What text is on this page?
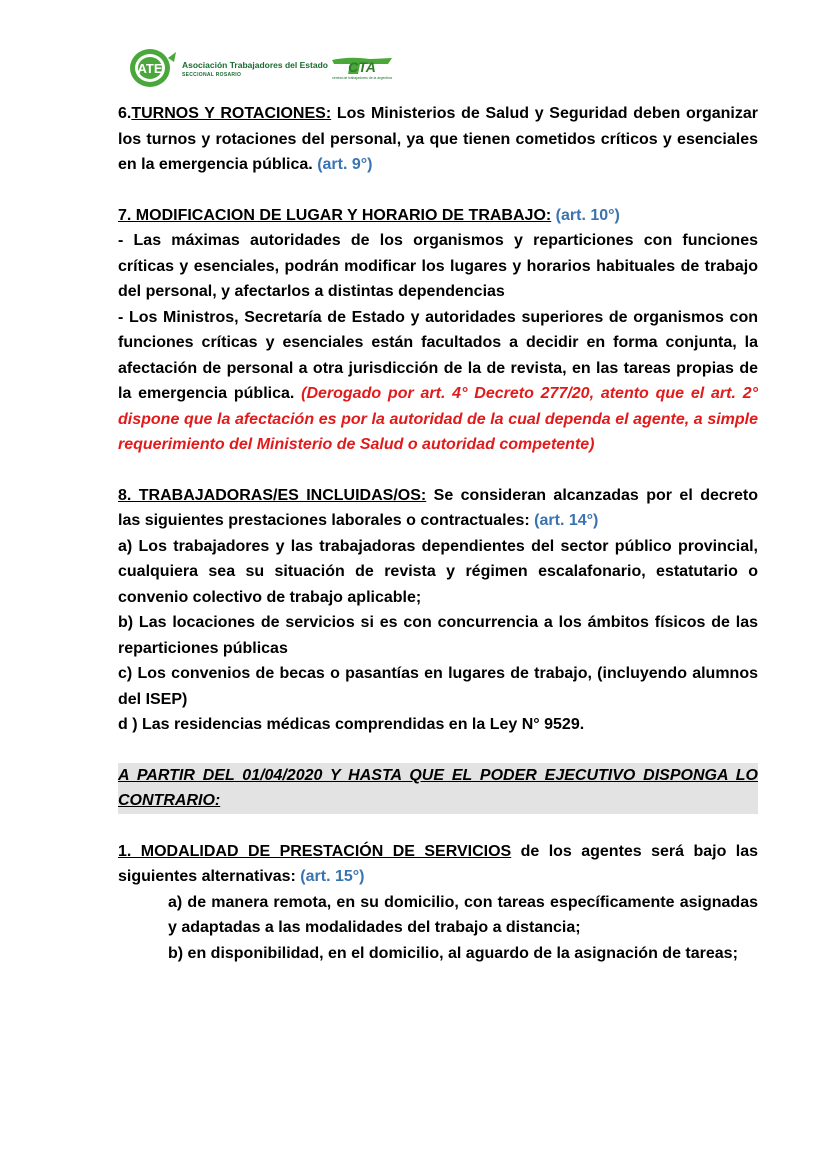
ATE Asociación Trabajadores del Estado
SECCIONAL ROSARIO	CTA
central de trabajadores de la argentina

6.TURNOS Y ROTACIONES: Los Ministerios de Salud y Seguridad deben organizar los turnos y rotaciones del personal, ya que tienen cometidos críticos y esenciales en la emergencia pública. (art. 9°)

7. MODIFICACION DE LUGAR Y HORARIO DE TRABAJO: (art. 10°)

- Las máximas autoridades de los organismos y reparticiones con funciones críticas y esenciales, podrán modificar los lugares y horarios habituales de trabajo del personal, y afectarlos a distintas dependencias

- Los Ministros, Secretaría de Estado y autoridades superiores de organismos con funciones críticas y esenciales están facultados a decidir en forma conjunta, la afectación de personal a otra jurisdicción de la de revista, en las tareas propias de la emergencia pública. (Derogado por art. 4° Decreto 277/20, atento que el art. 2° dispone que la afectación es por la autoridad de la cual dependa el agente, a simple requerimiento del Ministerio de Salud o autoridad competente)

8. TRABAJADORAS/ES INCLUIDAS/OS: Se consideran alcanzadas por el decreto las siguientes prestaciones laborales o contractuales: (art. 14°)

a) Los trabajadores y las trabajadoras dependientes del sector público provincial, cualquiera sea su situación de revista y régimen escalafonario, estatutario o convenio colectivo de trabajo aplicable;

b) Las locaciones de servicios si es con concurrencia a los ámbitos físicos de las reparticiones públicas

c) Los convenios de becas o pasantías en lugares de trabajo, (incluyendo alumnos del ISEP)

d ) Las residencias médicas comprendidas en la Ley N° 9529.

A PARTIR DEL 01/04/2020 Y HASTA QUE EL PODER EJECUTIVO DISPONGA LO CONTRARIO:

1. MODALIDAD DE PRESTACIÓN DE SERVICIOS de los agentes será bajo las siguientes alternativas: (art. 15°)

a) de manera remota, en su domicilio, con tareas específicamente asignadas y adaptadas a las modalidades del trabajo a distancia;

b) en disponibilidad, en el domicilio, al aguardo de la asignación de tareas;
